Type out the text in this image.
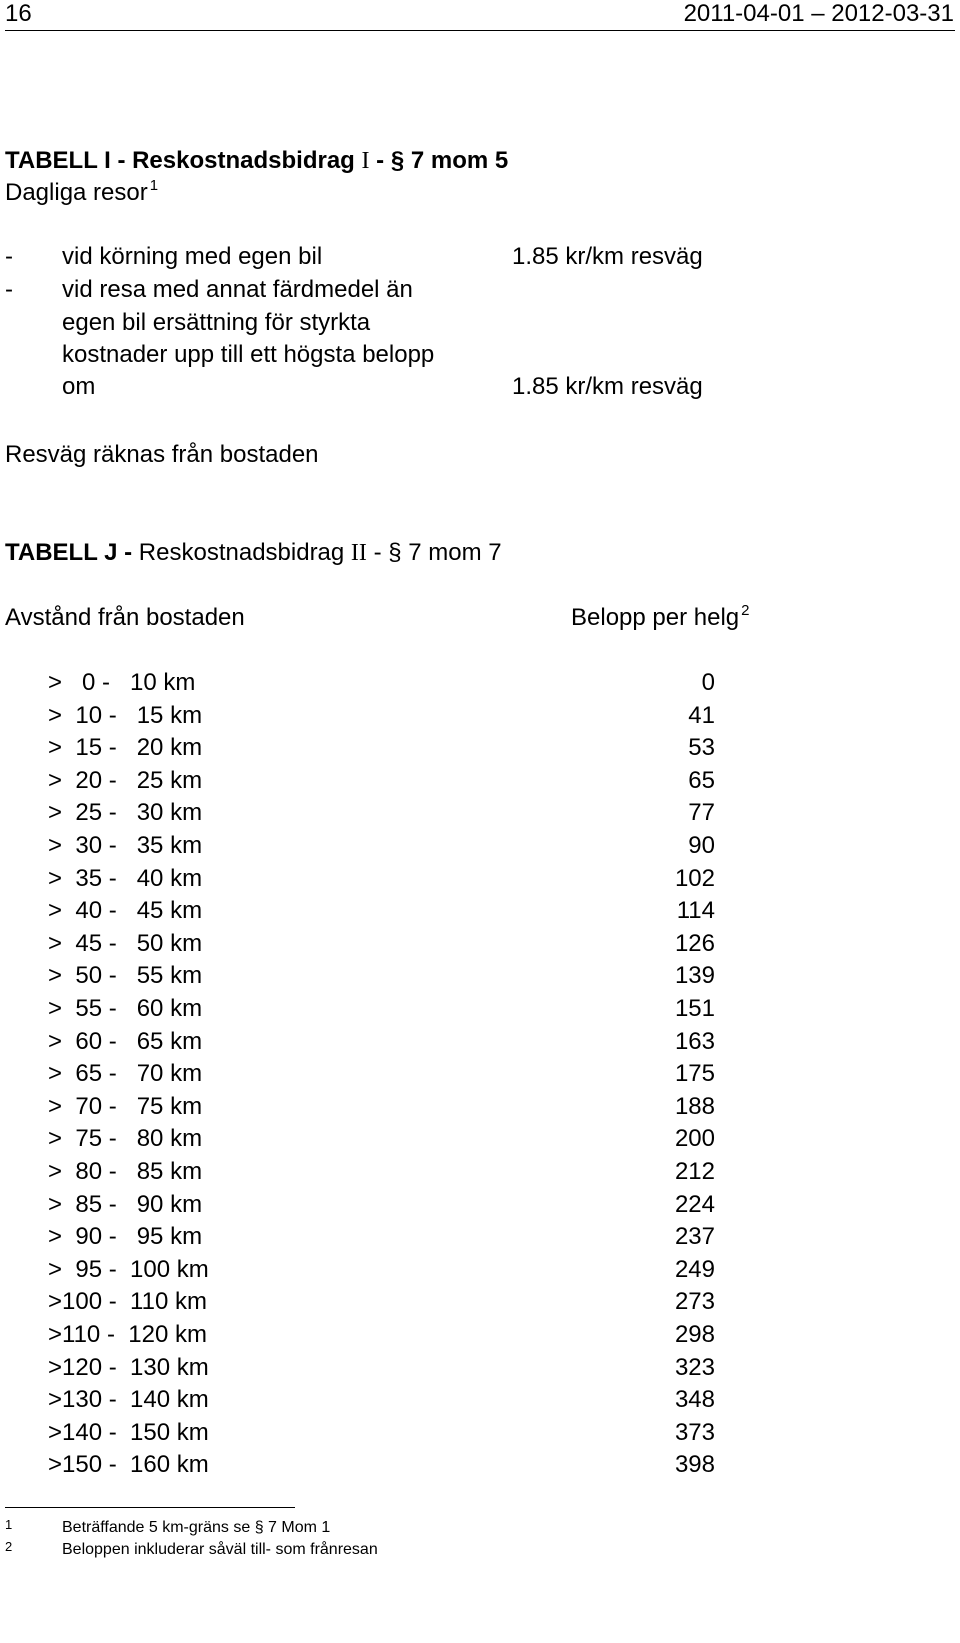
16	2011-04-01 – 2012-03-31
TABELL I - Reskostnadsbidrag I - § 7 mom 5
Dagliga resor $^1$
- vid körning med egen bil	1.85 kr/km resväg
- vid resa med annat färdmedel än
egen bil ersättning för styrkta
kostnader upp till ett högsta belopp
om	1.85 kr/km resväg
Resväg räknas från bostaden
TABELL J - Reskostnadsbidrag II - § 7 mom 7
Avstånd från bostaden	Belopp per helg $^2$
>   0 -   10 km	0
>  10 -   15 km	41
>  15 -   20 km	53
>  20 -   25 km	65
>  25 -   30 km	77
>  30 -   35 km	90
>  35 -   40 km	102
>  40 -   45 km	114
>  45 -   50 km	126
>  50 -   55 km	139
>  55 -   60 km	151
>  60 -   65 km	163
>  65 -   70 km	175
>  70 -   75 km	188
>  75 -   80 km	200
>  80 -   85 km	212
>  85 -   90 km	224
>  90 -   95 km	237
>  95 -  100 km	249
>100 -  110 km	273
>110 -  120 km	298
>120 -  130 km	323
>130 -  140 km	348
>140 -  150 km	373
>150 -  160 km	398
1	Beträffande 5 km-gräns se § 7 Mom 1
2	Beloppen inkluderar såväl till- som frånresan
